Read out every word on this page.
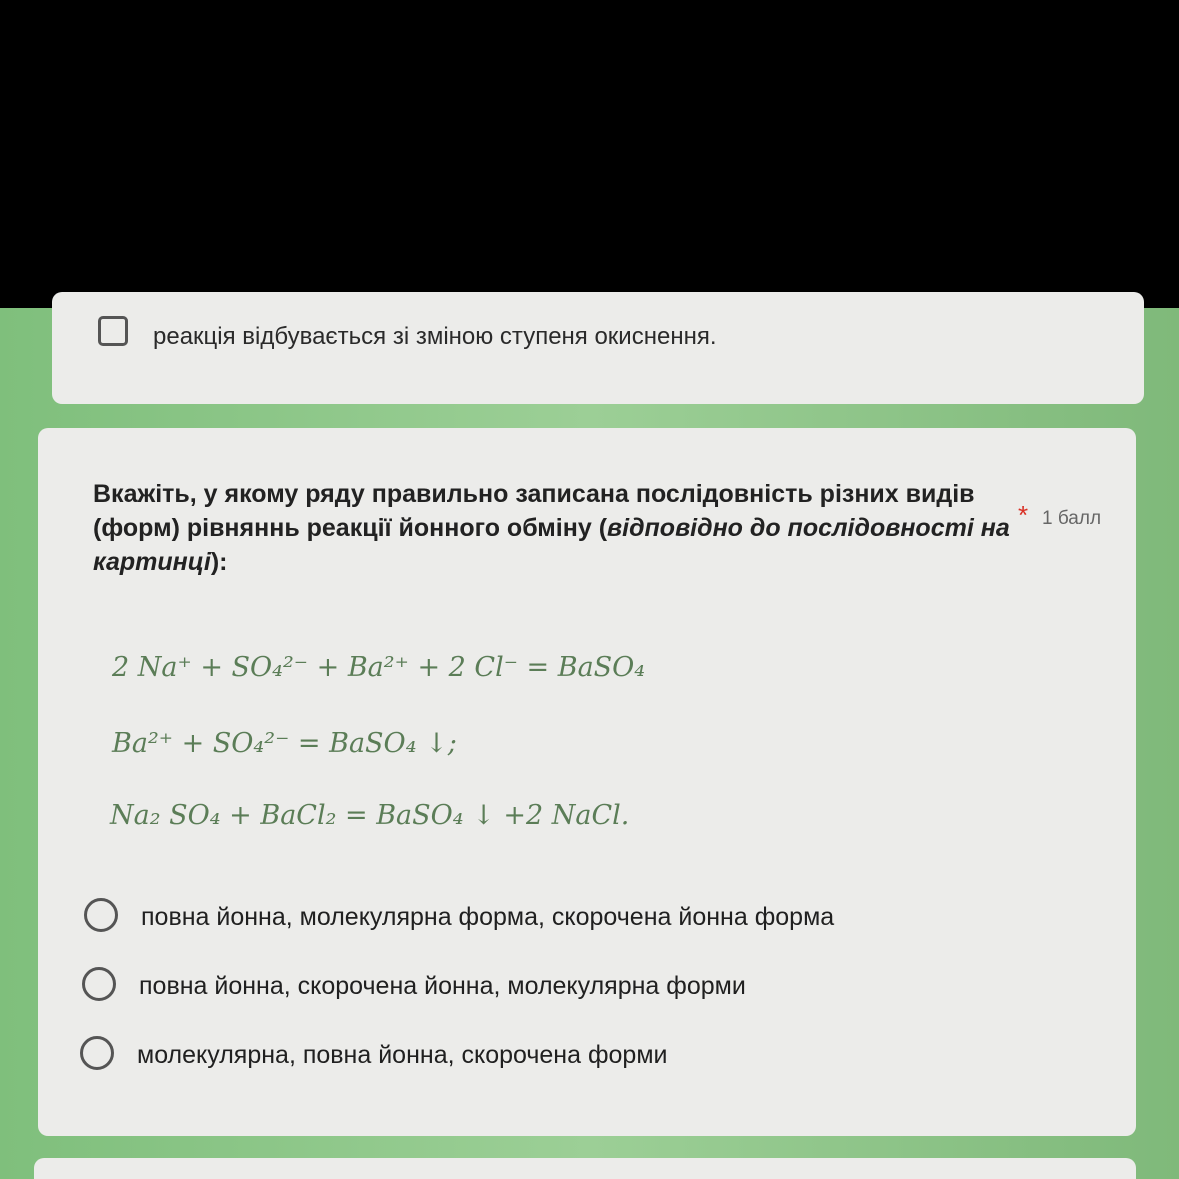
реакція відбувається зі зміною ступеня окиснення.
Вкажіть, у якому ряду правильно записана послідовність різних видів (форм) рівняннь реакції йонного обміну (відповідно до послідовності на картинці):
* 1 балл
2 Na⁺ + SO₄²⁻ + Ba²⁺ + 2 Cl⁻ = BaSO₄
Ba²⁺ + SO₄²⁻ = BaSO₄ ↓;
Na₂ SO₄ + BaCl₂ = BaSO₄ ↓ +2 NaCl.
повна йонна, молекулярна форма, скорочена йонна форма
повна йонна, скорочена йонна, молекулярна форми
молекулярна, повна йонна, скорочена форми
